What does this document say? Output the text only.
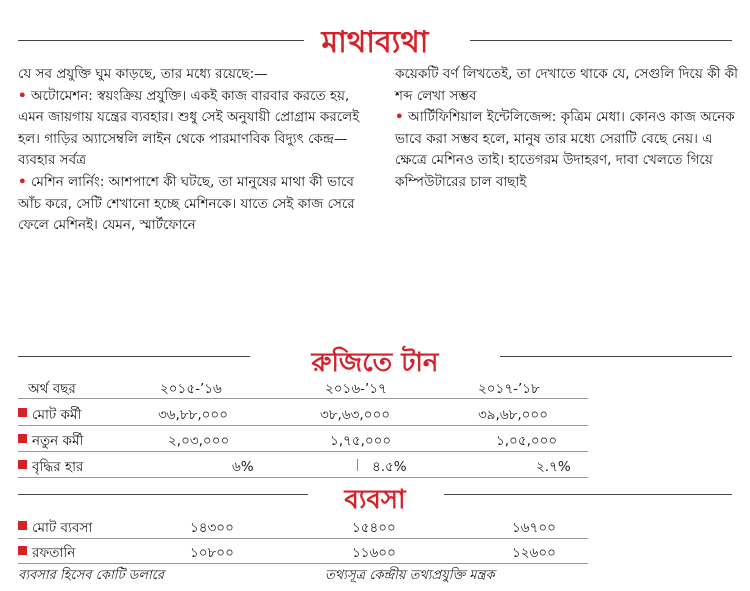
মাথাব্যথা

যে সব প্রযুক্তি ঘুম কাড়ছে, তার মধ্যে রয়েছে:—

• অটোমেশন: স্বয়ংক্রিয় প্রযুক্তি। একই কাজ বারবার করতে হয়, এমন জায়গায় যন্ত্রের ব্যবহার। শুধু সেই অনুযায়ী প্রোগ্রাম করলেই হল। গাড়ির অ্যাসেম্বলি লাইন থেকে পারমাণবিক বিদ্যুৎ কেন্দ্র— ব্যবহার সর্বত্র

• মেশিন লার্নিং: আশপাশে কী ঘটছে, তা মানুষের মাথা কী ভাবে আঁচ করে, সেটি শেখানো হচ্ছে মেশিনকে। যাতে সেই কাজ সেরে ফেলে মেশিনই। যেমন, স্মার্টফোনে

কয়েকটি বর্ণ লিখতেই, তা দেখাতে থাকে যে, সেগুলি দিয়ে কী কী শব্দ লেখা সম্ভব

• আর্টিফিশিয়াল ইন্টেলিজেন্স: কৃত্রিম মেধা। কোনও কাজ অনেক ভাবে করা সম্ভব হলে, মানুষ তার মধ্যে সেরাটি বেছে নেয়। এ ক্ষেত্রে মেশিনও তাই। হাতেগরম উদাহরণ, দাবা খেলতে গিয়ে কম্পিউটারের চাল বাছাই

রুজিতে টান
অর্থ বছর	২০১৫-’১৬	২০১৬-’১৭	২০১৭-’১৮
মোট কর্মী	৩৬,৮৮,০০০	৩৮,৬৩,০০০	৩৯,৬৮,০০০
নতুন কর্মী	২,০৩,০০০	১,৭৫,০০০	১,০৫,০০০
বৃদ্ধির হার	৬%	৪.৫%	২.৭%
ব্যবসা
মোট ব্যবসা	১৪৩০০	১৫৪০০	১৬৭০০
রফতানি	১০৮০০	১১৬০০	১২৬০০
ব্যবসার হিসেব কোটি ডলারে	তথ্যসূত্র কেন্দ্রীয় তথ্যপ্রযুক্তি মন্ত্রক
